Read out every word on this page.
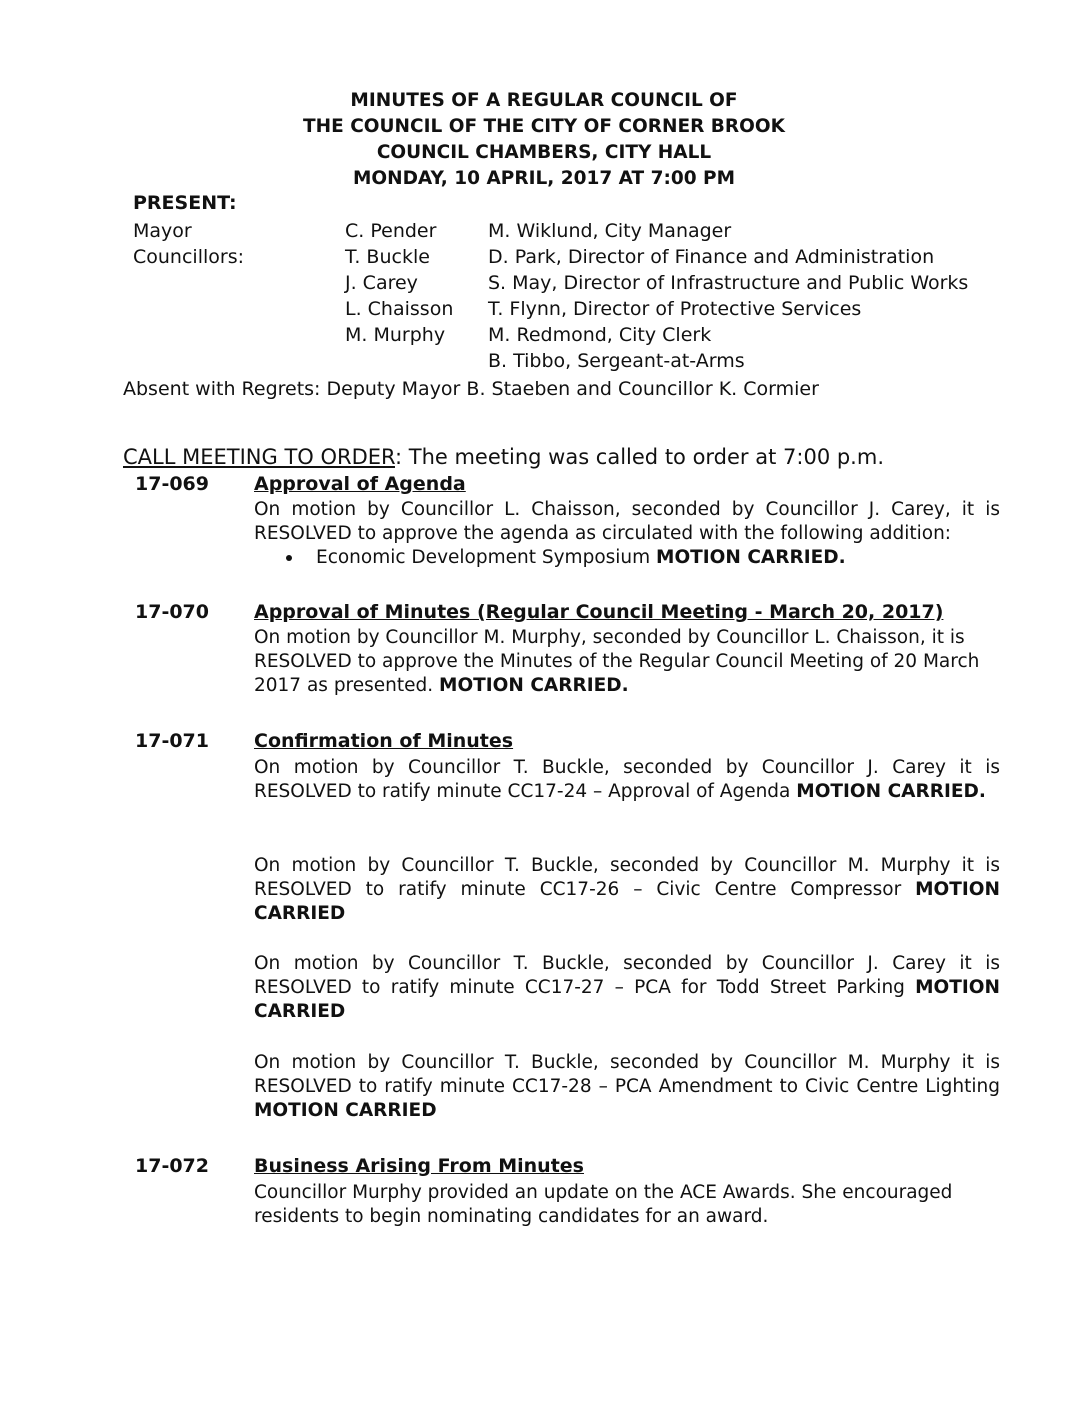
MINUTES OF A REGULAR COUNCIL OF
THE COUNCIL OF THE CITY OF CORNER BROOK
COUNCIL CHAMBERS, CITY HALL
MONDAY, 10 APRIL, 2017 AT 7:00 PM
PRESENT:
Mayor
Councillors:
C. Pender
T. Buckle
J. Carey
L. Chaisson
M. Murphy
M. Wiklund, City Manager
D. Park, Director of Finance and Administration
S. May, Director of Infrastructure and Public Works
T. Flynn, Director of Protective Services
M. Redmond, City Clerk
B. Tibbo, Sergeant-at-Arms
Absent with Regrets: Deputy Mayor B. Staeben and Councillor K. Cormier
CALL MEETING TO ORDER: The meeting was called to order at 7:00 p.m.
17-069 Approval of Agenda
On motion by Councillor L. Chaisson, seconded by Councillor J. Carey, it is RESOLVED to approve the agenda as circulated with the following addition:
Economic Development Symposium MOTION CARRIED.
17-070 Approval of Minutes (Regular Council Meeting - March 20, 2017)
On motion by Councillor M. Murphy, seconded by Councillor L. Chaisson, it is RESOLVED to approve the Minutes of the Regular Council Meeting of 20 March 2017 as presented. MOTION CARRIED.
17-071 Confirmation of Minutes
On motion by Councillor T. Buckle, seconded by Councillor J. Carey it is RESOLVED to ratify minute CC17-24 – Approval of Agenda MOTION CARRIED.
On motion by Councillor T. Buckle, seconded by Councillor M. Murphy it is RESOLVED to ratify minute CC17-26 – Civic Centre Compressor MOTION CARRIED
On motion by Councillor T. Buckle, seconded by Councillor J. Carey it is RESOLVED to ratify minute CC17-27 – PCA for Todd Street Parking MOTION CARRIED
On motion by Councillor T. Buckle, seconded by Councillor M. Murphy it is RESOLVED to ratify minute CC17-28 – PCA Amendment to Civic Centre Lighting MOTION CARRIED
17-072 Business Arising From Minutes
Councillor Murphy provided an update on the ACE Awards. She encouraged residents to begin nominating candidates for an award.
